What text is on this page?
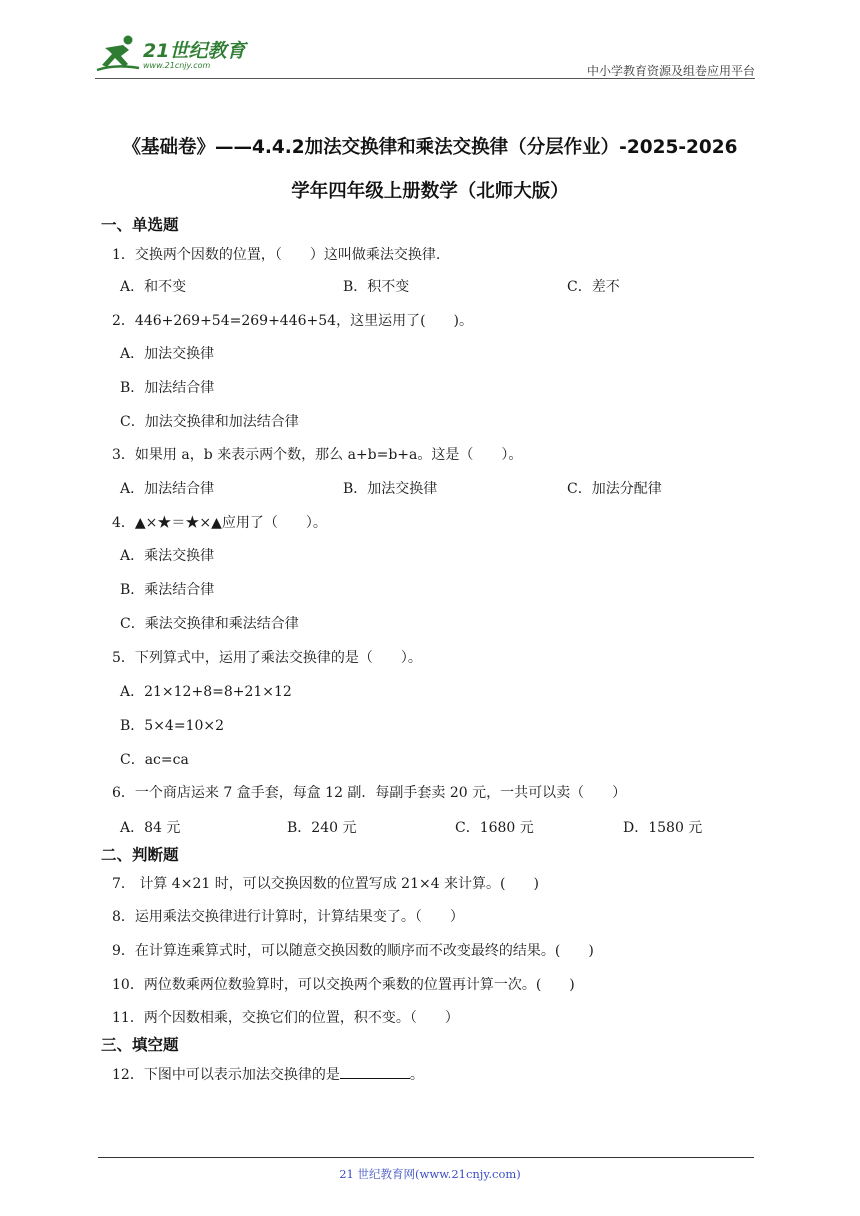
21世纪教育
www.21cnjy.com	中小学教育资源及组卷应用平台
《基础卷》——4.4.2加法交换律和乘法交换律（分层作业）-2025-2026
学年四年级上册数学（北师大版）
一、单选题
1．交换两个因数的位置，（　　）这叫做乘法交换律.
A．和不变	B．积不变	C．差不
2．446+269+54=269+446+54，这里运用了(　　)。
A．加法交换律
B．加法结合律
C．加法交换律和加法结合律
3．如果用 a，b 来表示两个数，那么 a+b=b+a。这是（　　）。
A．加法结合律	B．加法交换律	C．加法分配律
4．▲×★＝★×▲应用了（　　）。
A．乘法交换律
B．乘法结合律
C．乘法交换律和乘法结合律
5．下列算式中，运用了乘法交换律的是（　　）。
A．21×12+8=8+21×12
B．5×4=10×2
C．ac=ca
6．一个商店运来 7 盒手套，每盒 12 副．每副手套卖 20 元，一共可以卖（　　）
A．84 元	B．240 元	C．1680 元	D．1580 元
二、判断题
7． 计算 4×21 时，可以交换因数的位置写成 21×4 来计算。(　　)
8．运用乘法交换律进行计算时，计算结果变了。（　　）
9．在计算连乘算式时，可以随意交换因数的顺序而不改变最终的结果。(　　)
10．两位数乘两位数验算时，可以交换两个乘数的位置再计算一次。(　　)
11．两个因数相乘，交换它们的位置，积不变。（　　）
三、填空题
12．下图中可以表示加法交换律的是	。
21 世纪教育网(www.21cnjy.com)
